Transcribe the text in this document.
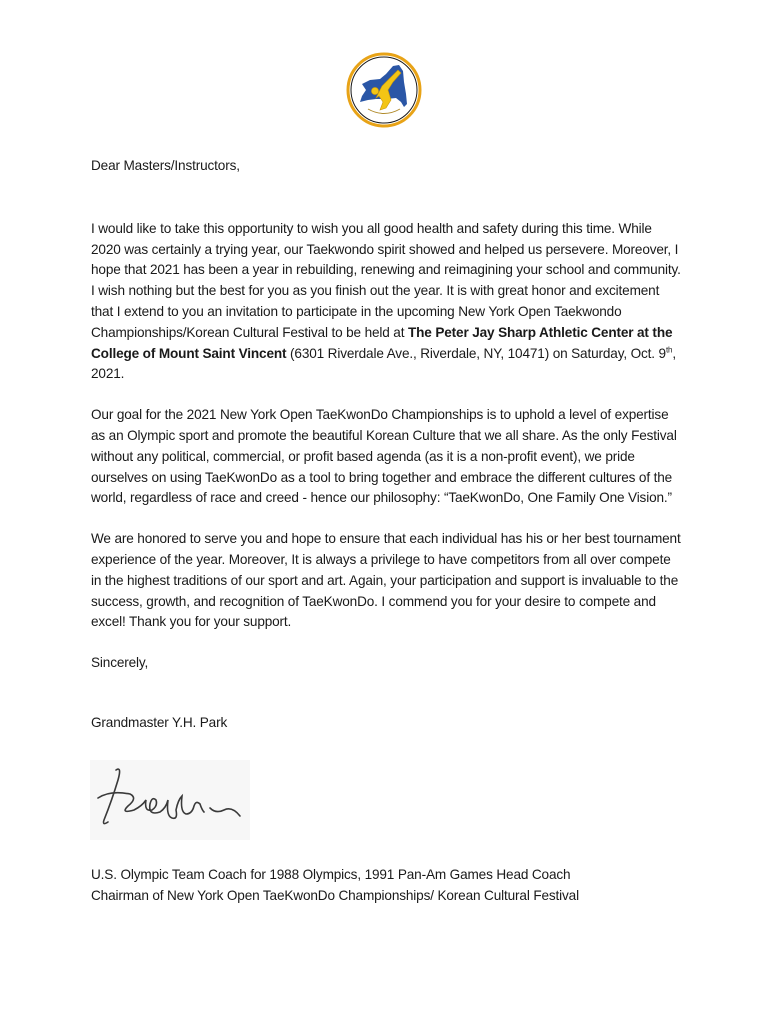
Dear Masters/Instructors,

I would like to take this opportunity to wish you all good health and safety during this time. While 2020 was certainly a trying year, our Taekwondo spirit showed and helped us persevere. Moreover, I hope that 2021 has been a year in rebuilding, renewing and reimagining your school and community. I wish nothing but the best for you as you finish out the year. It is with great honor and excitement that I extend to you an invitation to participate in the upcoming New York Open Taekwondo Championships/Korean Cultural Festival to be held at The Peter Jay Sharp Athletic Center at the College of Mount Saint Vincent (6301 Riverdale Ave., Riverdale, NY, 10471) on Saturday, Oct. 9th, 2021.

Our goal for the 2021 New York Open TaeKwonDo Championships is to uphold a level of expertise as an Olympic sport and promote the beautiful Korean Culture that we all share. As the only Festival without any political, commercial, or profit based agenda (as it is a non-profit event), we pride ourselves on using TaeKwonDo as a tool to bring together and embrace the different cultures of the world, regardless of race and creed - hence our philosophy: “TaeKwonDo, One Family One Vision.”

We are honored to serve you and hope to ensure that each individual has his or her best tournament experience of the year. Moreover, It is always a privilege to have competitors from all over compete in the highest traditions of our sport and art. Again, your participation and support is invaluable to the success, growth, and recognition of TaeKwonDo. I commend you for your desire to compete and excel! Thank you for your support.

Sincerely,

Grandmaster Y.H. Park

U.S. Olympic Team Coach for 1988 Olympics, 1991 Pan-Am Games Head Coach

Chairman of New York Open TaeKwonDo Championships/ Korean Cultural Festival
